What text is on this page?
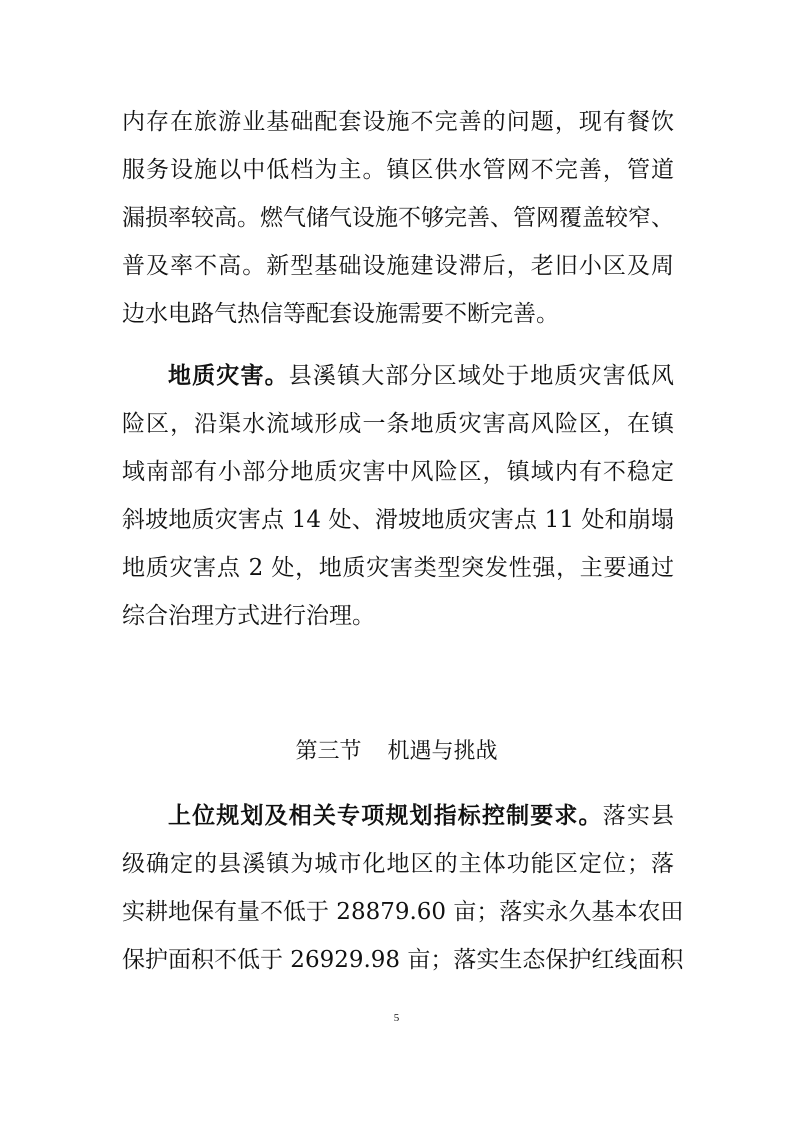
内存在旅游业基础配套设施不完善的问题，现有餐饮
服务设施以中低档为主。镇区供水管网不完善，管道
漏损率较高。燃气储气设施不够完善、管网覆盖较窄、
普及率不高。新型基础设施建设滞后，老旧小区及周
边水电路气热信等配套设施需要不断完善。
地质灾害。县溪镇大部分区域处于地质灾害低风
险区，沿渠水流域形成一条地质灾害高风险区，在镇
域南部有小部分地质灾害中风险区，镇域内有不稳定
斜坡地质灾害点 14 处、滑坡地质灾害点 11 处和崩塌
地质灾害点 2 处，地质灾害类型突发性强，主要通过
综合治理方式进行治理。
第三节 机遇与挑战
上位规划及相关专项规划指标控制要求。落实县
级确定的县溪镇为城市化地区的主体功能区定位；落
实耕地保有量不低于 28879.60 亩；落实永久基本农田
保护面积不低于 26929.98 亩；落实生态保护红线面积
5
